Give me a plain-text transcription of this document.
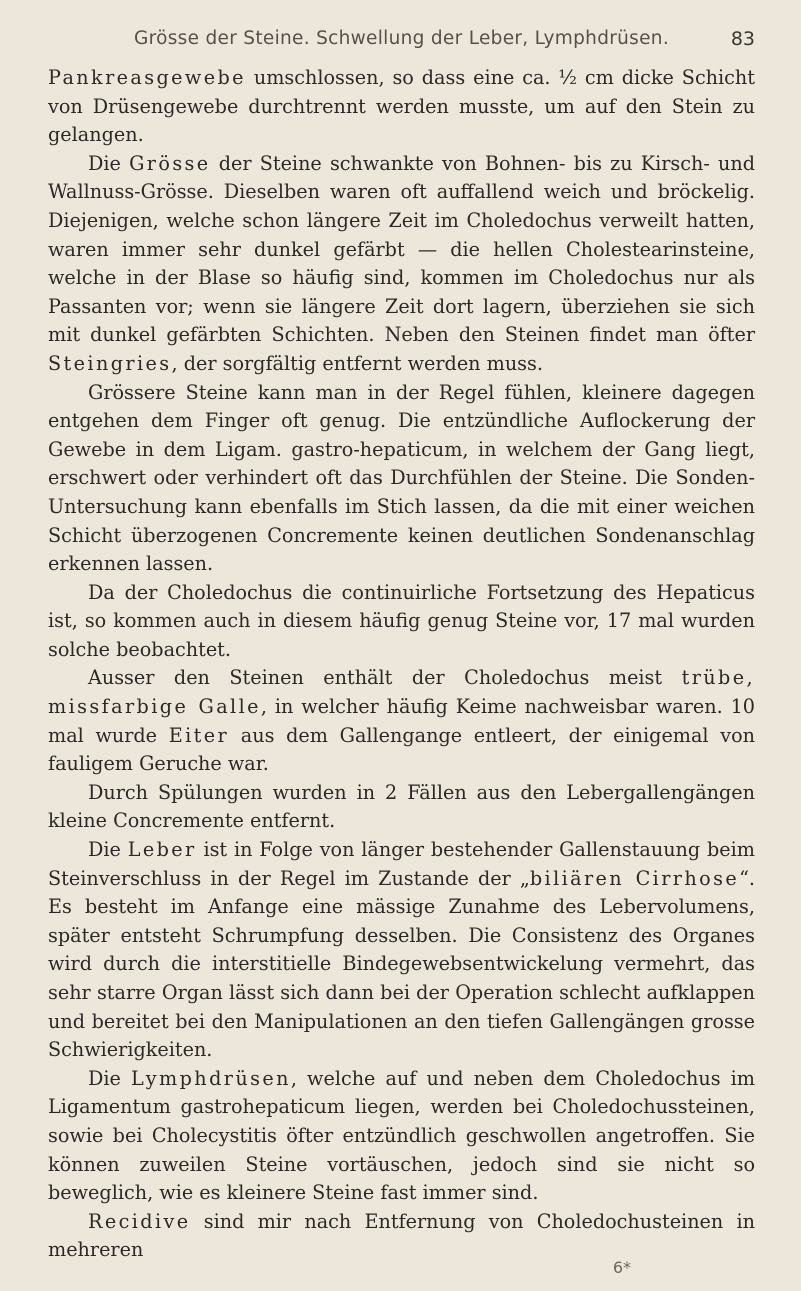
Grösse der Steine. Schwellung der Leber, Lymphdrüsen.	83

Pankreasgewebe umschlossen, so dass eine ca. ½ cm dicke Schicht von Drüsengewebe durchtrennt werden musste, um auf den Stein zu gelangen.

Die Grösse der Steine schwankte von Bohnen- bis zu Kirsch- und Wallnuss-Grösse. Dieselben waren oft auffallend weich und bröckelig. Diejenigen, welche schon längere Zeit im Choledochus verweilt hatten, waren immer sehr dunkel gefärbt — die hellen Cholestearinsteine, welche in der Blase so häufig sind, kommen im Choledochus nur als Passanten vor; wenn sie längere Zeit dort lagern, überziehen sie sich mit dunkel gefärbten Schichten. Neben den Steinen findet man öfter Steingries, der sorgfältig entfernt werden muss.

Grössere Steine kann man in der Regel fühlen, kleinere dagegen entgehen dem Finger oft genug. Die entzündliche Auflockerung der Gewebe in dem Ligam. gastro-hepaticum, in welchem der Gang liegt, erschwert oder verhindert oft das Durchfühlen der Steine. Die Sonden-Untersuchung kann ebenfalls im Stich lassen, da die mit einer weichen Schicht überzogenen Concremente keinen deutlichen Sondenanschlag erkennen lassen.

Da der Choledochus die continuirliche Fortsetzung des Hepaticus ist, so kommen auch in diesem häufig genug Steine vor, 17 mal wurden solche beobachtet.

Ausser den Steinen enthält der Choledochus meist trübe, missfarbige Galle, in welcher häufig Keime nachweisbar waren. 10 mal wurde Eiter aus dem Gallengange entleert, der einigemal von fauligem Geruche war.

Durch Spülungen wurden in 2 Fällen aus den Lebergallengängen kleine Concremente entfernt.

Die Leber ist in Folge von länger bestehender Gallenstauung beim Steinverschluss in der Regel im Zustande der „biliären Cirrhose“. Es besteht im Anfange eine mässige Zunahme des Lebervolumens, später entsteht Schrumpfung desselben. Die Consistenz des Organes wird durch die interstitielle Bindegewebsentwickelung vermehrt, das sehr starre Organ lässt sich dann bei der Operation schlecht aufklappen und bereitet bei den Manipulationen an den tiefen Gallengängen grosse Schwierigkeiten.

Die Lymphdrüsen, welche auf und neben dem Choledochus im Ligamentum gastrohepaticum liegen, werden bei Choledochussteinen, sowie bei Cholecystitis öfter entzündlich geschwollen angetroffen. Sie können zuweilen Steine vortäuschen, jedoch sind sie nicht so beweglich, wie es kleinere Steine fast immer sind.

Recidive sind mir nach Entfernung von Choledochusteinen in mehreren

6*
